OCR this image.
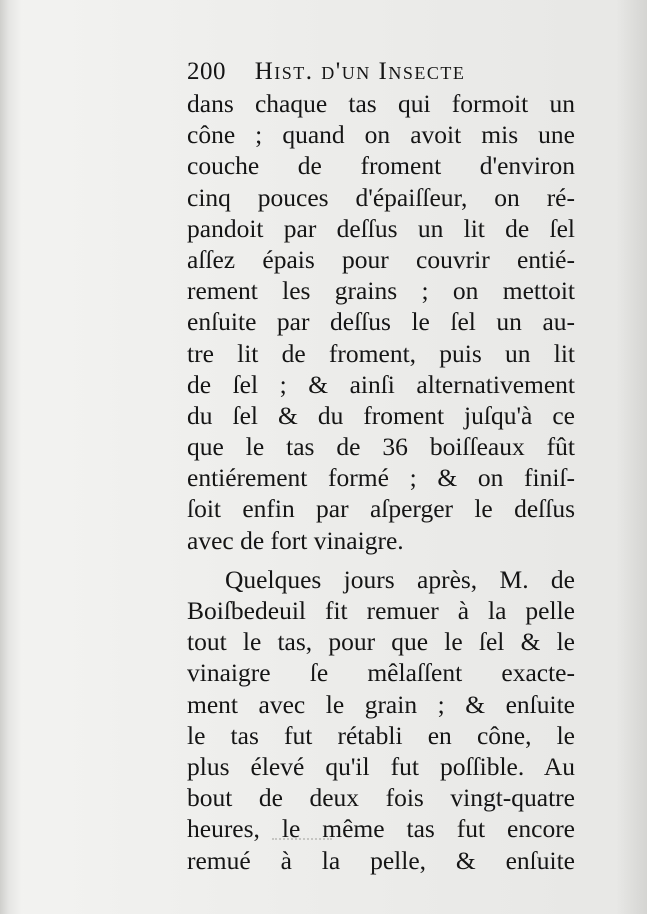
200 Hist. d'un Insecte
dans chaque tas qui formoit un
cône ; quand on avoit mis une
couche de froment d'environ
cinq pouces d'épaiſſeur, on ré-
pandoit par deſſus un lit de ſel
aſſez épais pour couvrir entié-
rement les grains ; on mettoit
enſuite par deſſus le ſel un au-
tre lit de froment, puis un lit
de ſel ; & ainſi alternativement
du ſel & du froment juſqu'à ce
que le tas de 36 boiſſeaux fût
entiérement formé ; & on finiſ-
ſoit enfin par aſperger le deſſus
avec de fort vinaigre.
Quelques jours après, M. de
Boiſbedeuil fit remuer à la pelle
tout le tas, pour que le ſel & le
vinaigre ſe mêlaſſent exacte-
ment avec le grain ; & enſuite
le tas fut rétabli en cône, le
plus élevé qu'il fut poſſible. Au
bout de deux fois vingt-quatre
heures, le même tas fut encore
remué à la pelle, & enſuite
